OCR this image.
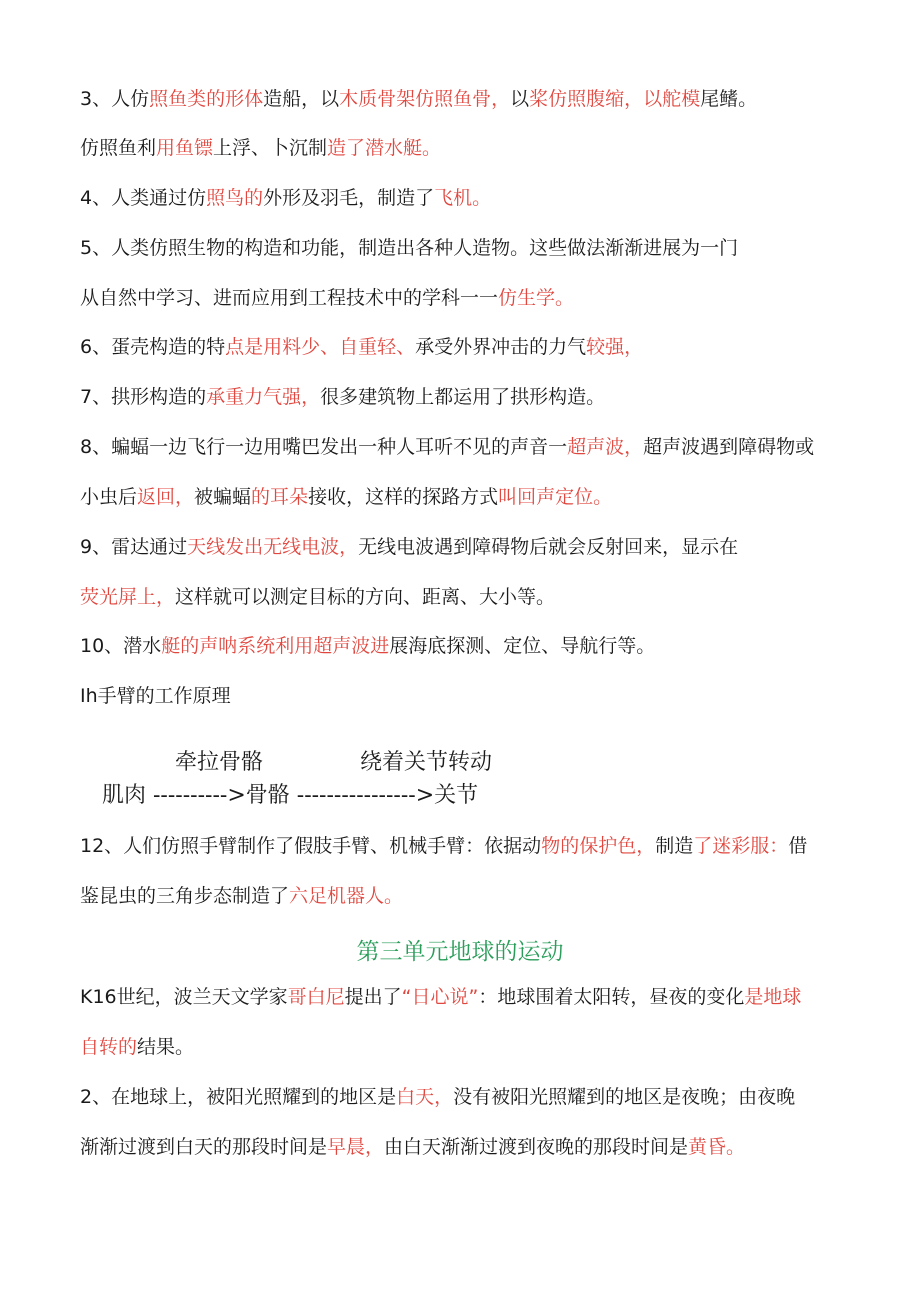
3、人仿照鱼类的形体造船，以木质骨架仿照鱼骨，以桨仿照腹缩，以舵模尾鳍。
仿照鱼利用鱼镖上浮、卜沉制造了潜水艇。
4、人类通过仿照鸟的外形及羽毛，制造了飞机。
5、人类仿照生物的构造和功能，制造出各种人造物。这些做法渐渐进展为一门
从自然中学习、进而应用到工程技术中的学科一一仿生学。
6、蛋壳构造的特点是用料少、自重轻、承受外界冲击的力气较强，
7、拱形构造的承重力气强，很多建筑物上都运用了拱形构造。
8、蝙蝠一边飞行一边用嘴巴发出一种人耳听不见的声音一超声波，超声波遇到障碍物或
小虫后返回，被蝙蝠的耳朵接收，这样的探路方式叫回声定位。
9、雷达通过天线发出无线电波，无线电波遇到障碍物后就会反射回来，显示在
荧光屏上，这样就可以测定目标的方向、距离、大小等。
10、潜水艇的声呐系统利用超声波进展海底探测、定位、导航行等。
Ih手臂的工作原理
12、人们仿照手臂制作了假肢手臂、机械手臂：依据动物的保护色，制造了迷彩服：借
鉴昆虫的三角步态制造了六足机器人。
K16世纪，波兰天文学家哥白尼提出了“日心说”：地球围着太阳转，昼夜的变化是地球
自转的结果。
2、在地球上，被阳光照耀到的地区是白天，没有被阳光照耀到的地区是夜晚；由夜晚
渐渐过渡到白天的那段时间是早晨，由白天渐渐过渡到夜晚的那段时间是黄昏。
牵拉骨骼	绕着关节转动
肌肉 ---------->骨骼 ---------------->关节
第三单元地球的运动
